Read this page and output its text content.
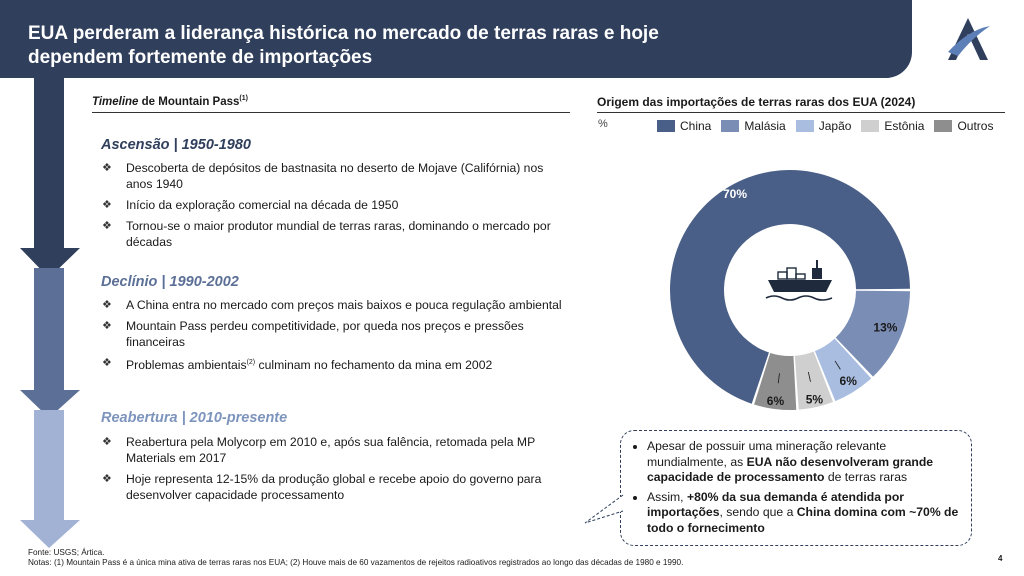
EUA perderam a liderança histórica no mercado de terras raras e hoje
dependem fortemente de importações
Timeline de Mountain Pass$^{(1)}$
Ascensão | 1950-1980
❖ Descoberta de depósitos de bastnasita no deserto de Mojave (Califórnia) nos anos 1940
❖ Início da exploração comercial na década de 1950
❖ Tornou-se o maior produtor mundial de terras raras, dominando o mercado por décadas
Declínio | 1990-2002
❖ A China entra no mercado com preços mais baixos e pouca regulação ambiental
❖ Mountain Pass perdeu competitividade, por queda nos preços e pressões financeiras
❖ Problemas ambientais$^{(2)}$ culminam no fechamento da mina em 2002
Reabertura | 2010-presente
❖ Reabertura pela Molycorp em 2010 e, após sua falência, retomada pela MP Materials em 2017
❖ Hoje representa 12-15% da produção global e recebe apoio do governo para desenvolver capacidade processamento
Origem das importações de terras raras dos EUA (2024)
%	China	Malásia	Japão	Estônia	Outros
70%
13%
6%
5%
6%
• Apesar de possuir uma mineração relevante mundialmente, as EUA não desenvolveram grande capacidade de processamento de terras raras
• Assim, +80% da sua demanda é atendida por importações, sendo que a China domina com ~70% de todo o fornecimento
Fonte: USGS; Ártica.
Notas: (1) Mountain Pass é a única mina ativa de terras raras nos EUA; (2) Houve mais de 60 vazamentos de rejeitos radioativos registrados ao longo das décadas de 1980 e 1990.	4
